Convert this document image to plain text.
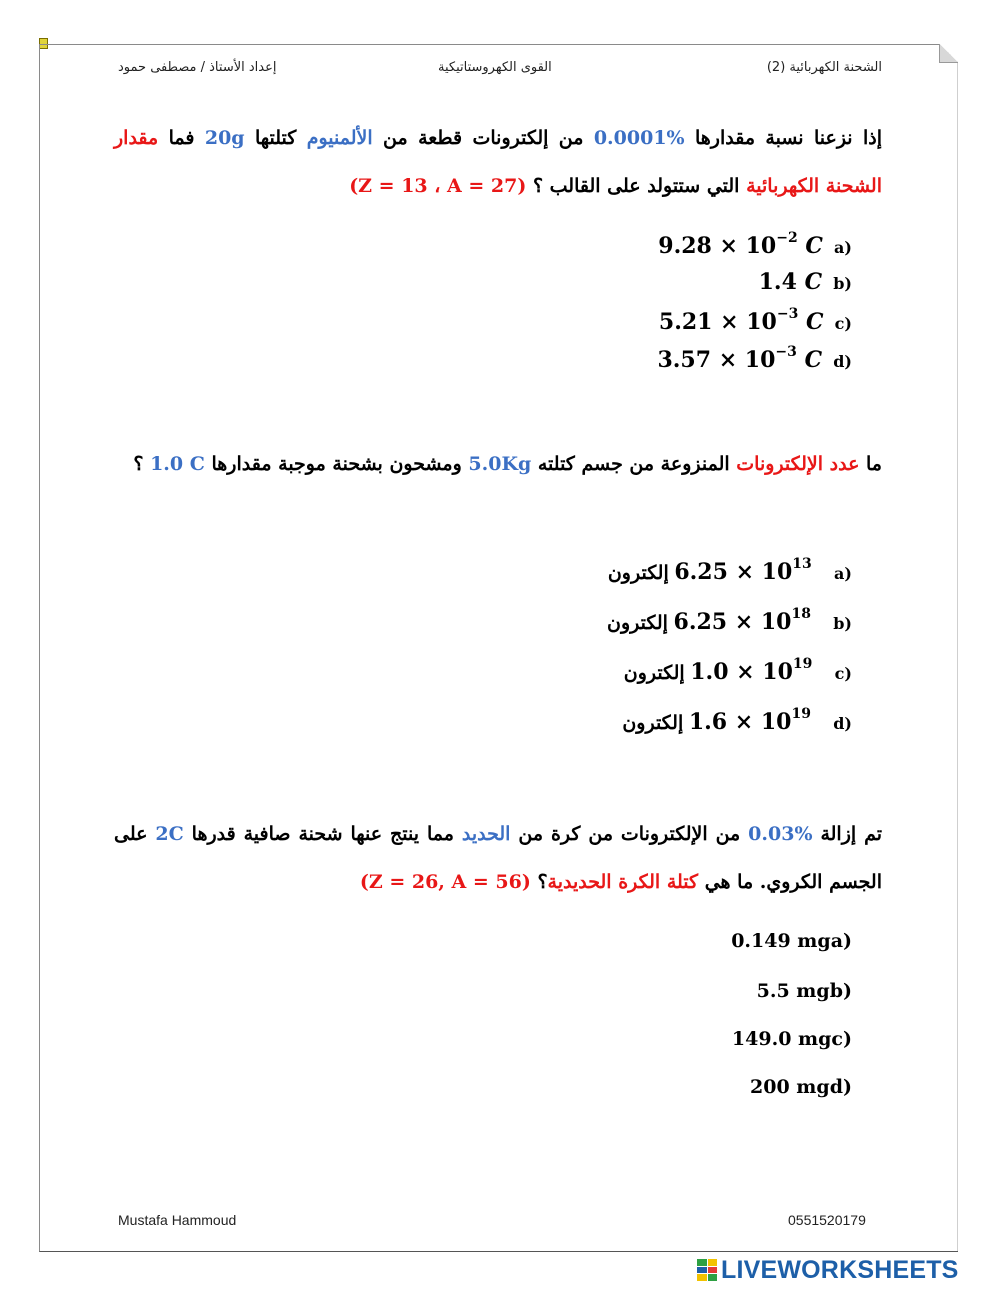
إعداد الأستاذ / مصطفى حمود	القوى الكهروستاتيكية	الشحنة الكهربائية (2)
إذا نزعنا نسبة مقدارها 0.0001% من إلكترونات قطعة من الألمنيوم كتلتها 20g فما مقدار الشحنة الكهربائية التي ستتولد على القالب ؟ (Z = 13 ، A = 27)
(a  $9.28 \times 10^{-2}$ C
(b  1.4 C
(c  $5.21 \times 10^{-3}$ C
(d  $3.57 \times 10^{-3}$ C
ما عدد الإلكترونات المنزوعة من جسم كتلته 5.0Kg ومشحون بشحنة موجبة مقدارها 1.0 C ؟
(a    $6.25 \times 10^{13}$ إلكترون
(b    $6.25 \times 10^{18}$ إلكترون
(c    $1.0 \times 10^{19}$ إلكترون
(d    $1.6 \times 10^{19}$ إلكترون
تم إزالة 0.03% من الإلكترونات من كرة من الحديد مما ينتج عنها شحنة صافية قدرها 2C على الجسم الكروي. ما هي كتلة الكرة الحديدية؟ (Z = 26, A = 56)
(a0.149 mg
(b5.5 mg
(c149.0 mg
(d200 mg
Mustafa Hammoud	0551520179
LIVEWORKSHEETS
